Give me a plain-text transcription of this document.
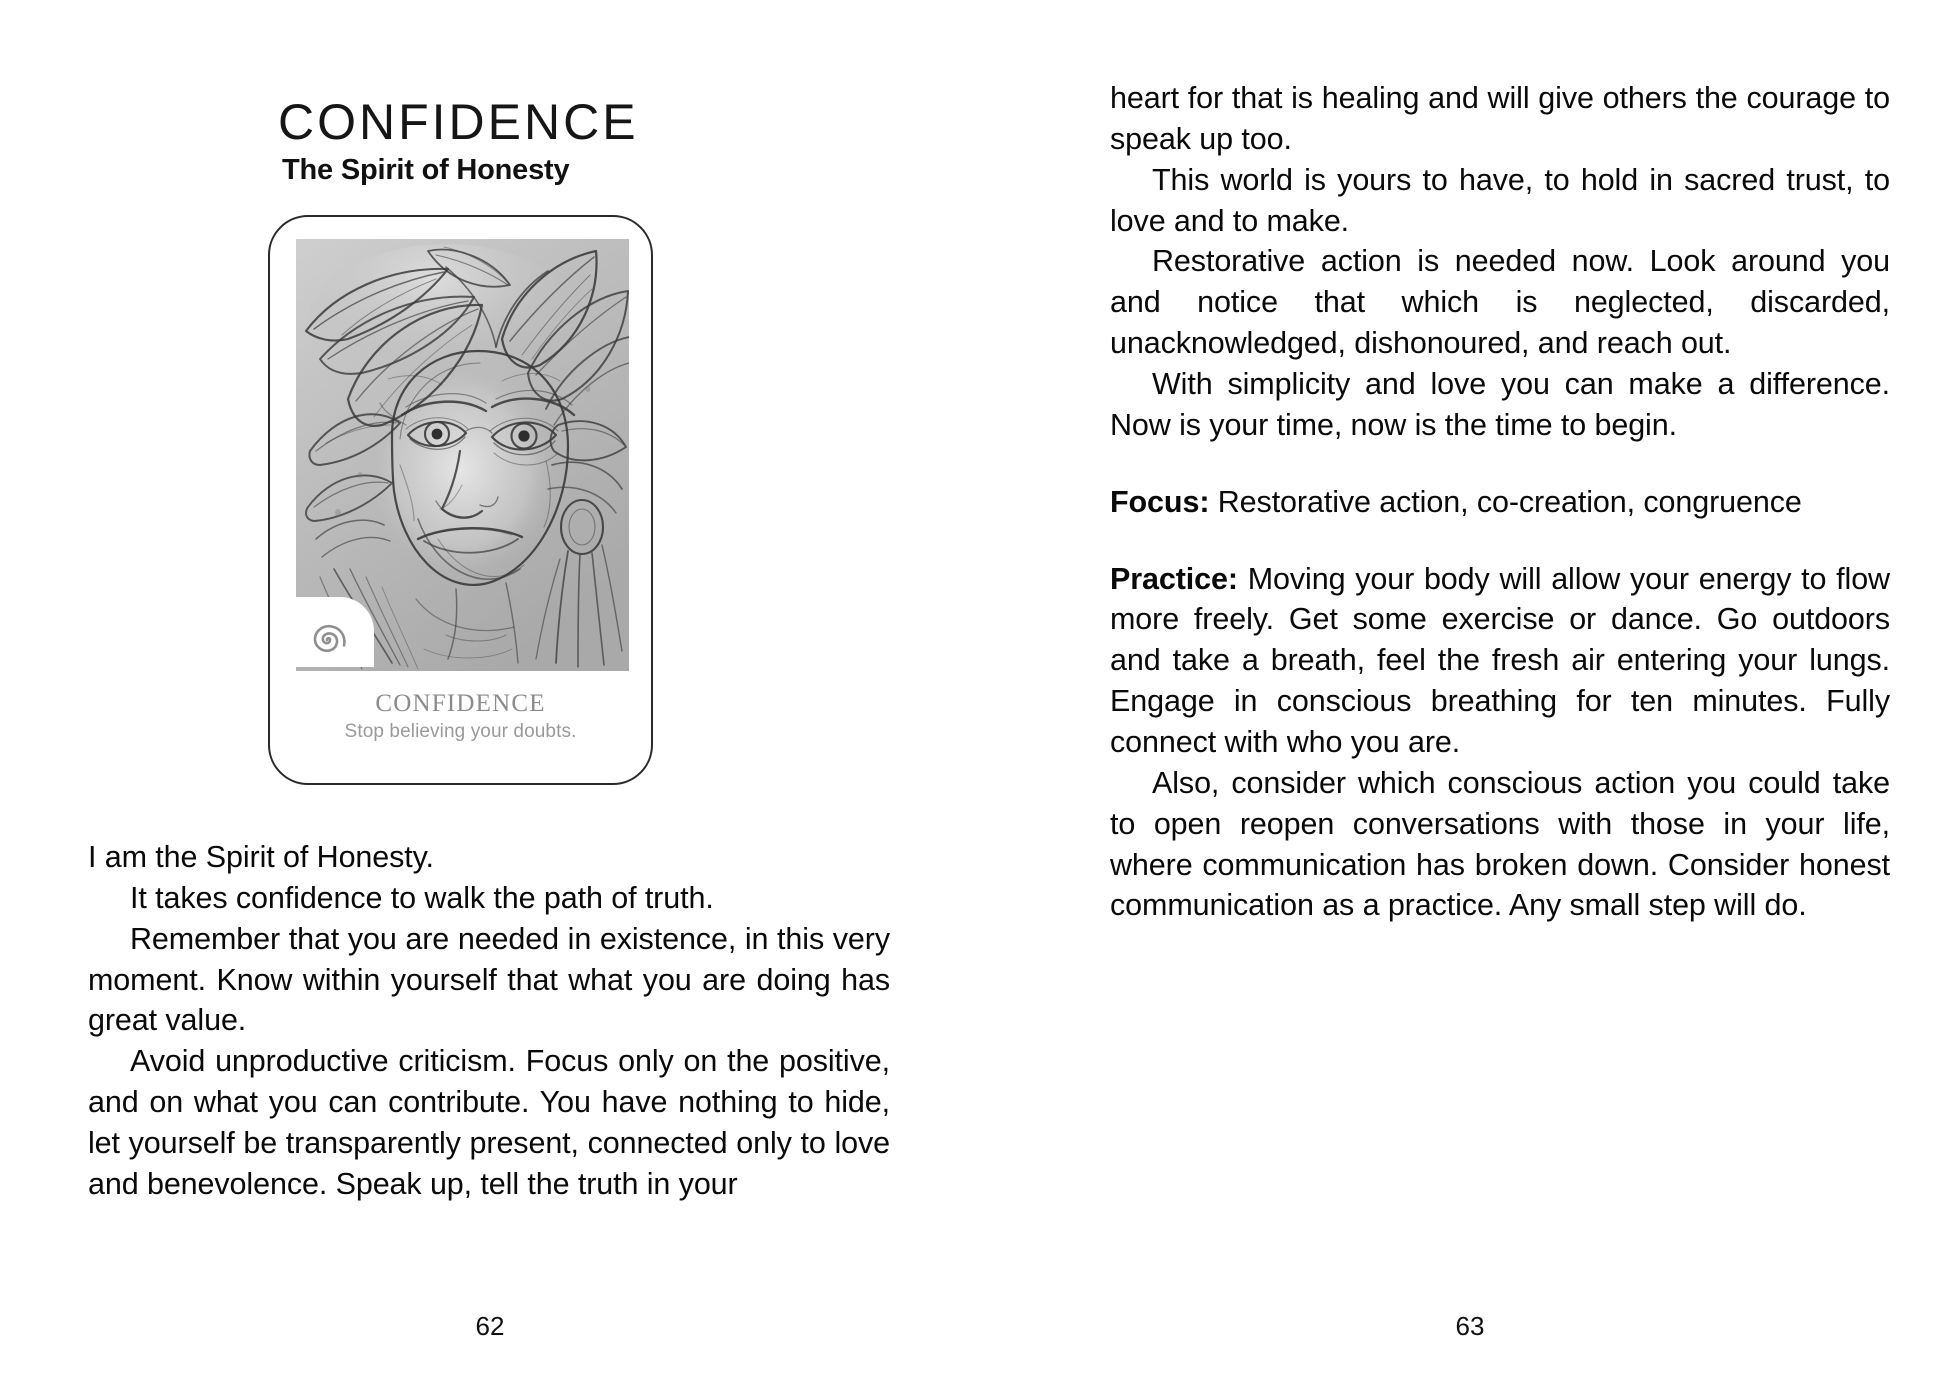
CONFIDENCE
The Spirit of Honesty
CONFIDENCE
Stop believing your doubts.

I am the Spirit of Honesty.

It takes confidence to walk the path of truth.

Remember that you are needed in existence, in this very moment. Know within yourself that what you are doing has great value.

Avoid unproductive criticism. Focus only on the positive, and on what you can contribute. You have nothing to hide, let yourself be transparently present, connected only to love and benevolence. Speak up, tell the truth in your

62

heart for that is healing and will give others the courage to speak up too.

This world is yours to have, to hold in sacred trust, to love and to make.

Restorative action is needed now. Look around you and notice that which is neglected, discarded, unacknowledged, dishonoured, and reach out.

With simplicity and love you can make a difference. Now is your time, now is the time to begin.

Focus: Restorative action, co-creation, congruence

Practice: Moving your body will allow your energy to flow more freely. Get some exercise or dance. Go outdoors and take a breath, feel the fresh air entering your lungs. Engage in conscious breathing for ten minutes. Fully connect with who you are.

Also, consider which conscious action you could take to open reopen conversations with those in your life, where communication has broken down. Consider honest communication as a practice. Any small step will do.

63
